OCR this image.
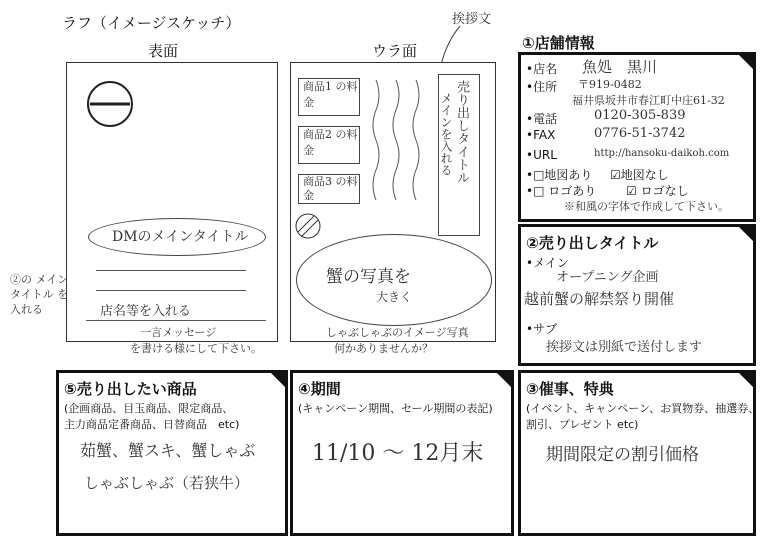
ラフ（イメージスケッチ）
表面	ウラ面
挨拶文
DMのメインタイトル
店名等を入れる
②の メイン タイトル を入れる
一言メッセージ
を書ける様にして下さい。
商品1 の料金
商品2 の料金
商品3 の料金
売り出しタイトル
メインを入れる
蟹の写真を
大きく
しゃぶしゃぶのイメージ写真
何かありませんか？
①店舗情報
•店名 魚処　黒川
•住所 〒919-0482
福井県坂井市春江町中庄61-32
•電話	0120-305-839
•FAX	0776-51-3742
•URL	http://hansoku-daikoh.com
•□地図あり ☑地図なし
•□ ロゴあり ☑ ロゴなし
※和風の字体で作成して下さい。
②売り出しタイトル
•メイン
オープニング企画
越前蟹の解禁祭り開催
•サブ
挨拶文は別紙で送付します
⑤売り出したい商品
(企画商品、目玉商品、限定商品、
主力商品定番商品、日替商品　etc)
茹蟹、蟹スキ、蟹しゃぶ
しゃぶしゃぶ（若狭牛）
④期間
(キャンペーン期間、セール期間の表記)
11/10 ～ 12月末
③催事、特典
(イベント、キャンペーン、お買物券、抽選券、
割引、プレゼント etc)
期間限定の割引価格
